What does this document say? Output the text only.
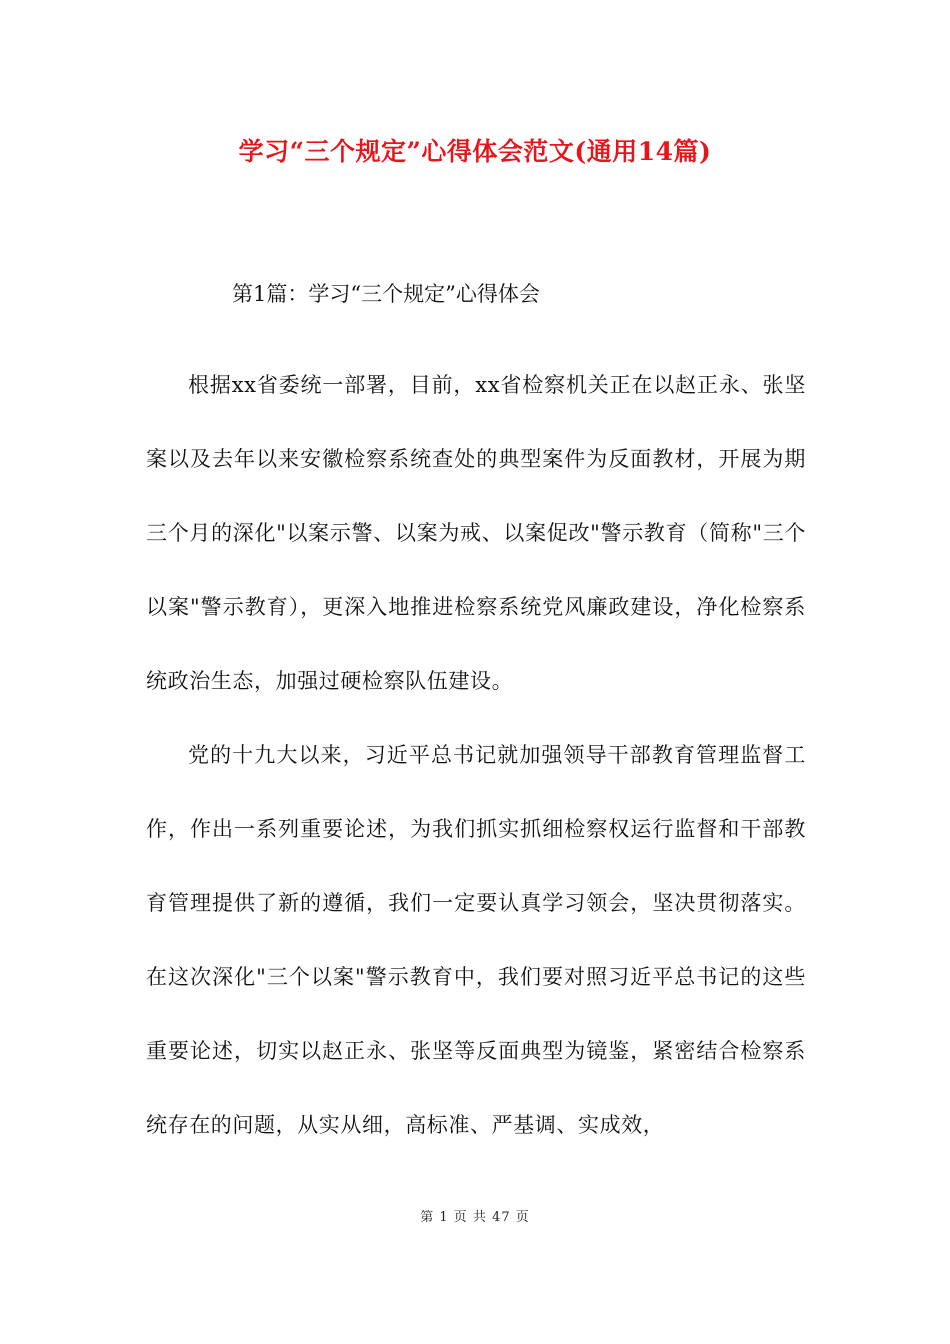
学习“三个规定”心得体会范文(通用14篇)
第1篇：学习“三个规定”心得体会

根据xx省委统一部署，目前，xx省检察机关正在以赵正永、张坚案以及去年以来安徽检察系统查处的典型案件为反面教材，开展为期三个月的深化"以案示警、以案为戒、以案促改"警示教育（简称"三个以案"警示教育），更深入地推进检察系统党风廉政建设，净化检察系统政治生态，加强过硬检察队伍建设。

党的十九大以来，习近平总书记就加强领导干部教育管理监督工作，作出一系列重要论述，为我们抓实抓细检察权运行监督和干部教育管理提供了新的遵循，我们一定要认真学习领会，坚决贯彻落实。在这次深化"三个以案"警示教育中，我们要对照习近平总书记的这些重要论述，切实以赵正永、张坚等反面典型为镜鉴，紧密结合检察系统存在的问题，从实从细，高标准、严基调、实成效，

第 1 页 共 47 页
